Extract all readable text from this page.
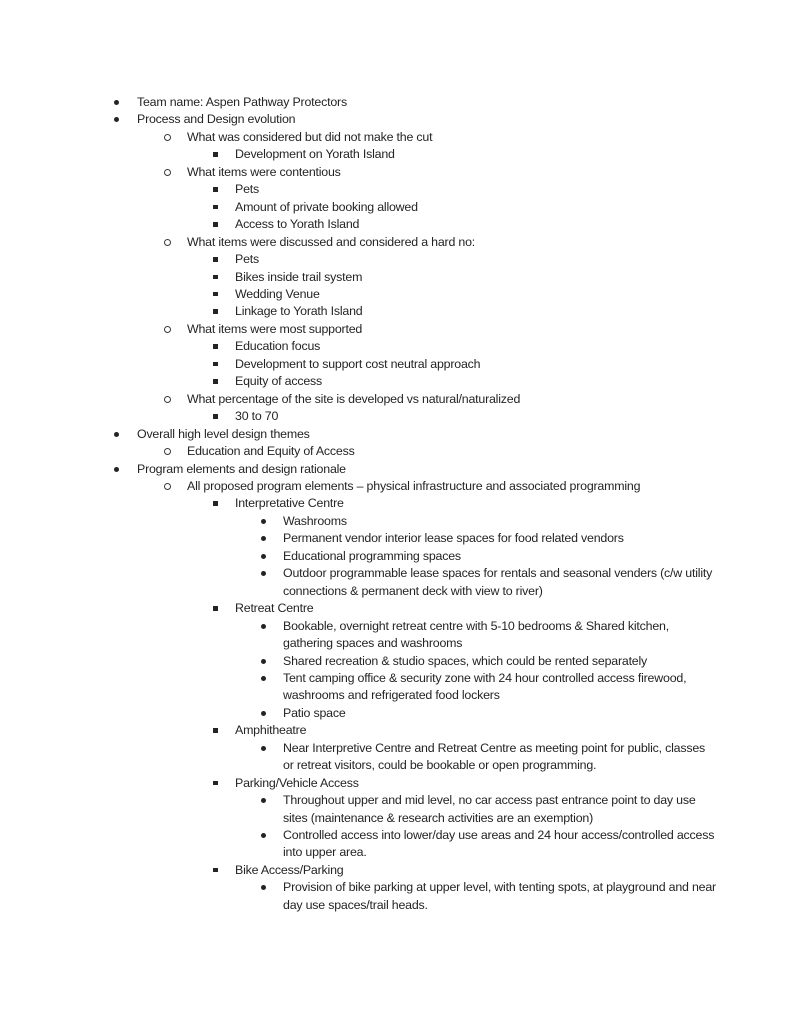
Team name: Aspen Pathway Protectors
Process and Design evolution
What was considered but did not make the cut
Development on Yorath Island
What items were contentious
Pets
Amount of private booking allowed
Access to Yorath Island
What items were discussed and considered a hard no:
Pets
Bikes inside trail system
Wedding Venue
Linkage to Yorath Island
What items were most supported
Education focus
Development to support cost neutral approach
Equity of access
What percentage of the site is developed vs natural/naturalized
30 to 70
Overall high level design themes
Education and Equity of Access
Program elements and design rationale
All proposed program elements – physical infrastructure and associated programming
Interpretative Centre
Washrooms
Permanent vendor interior lease spaces for food related vendors
Educational programming spaces
Outdoor programmable lease spaces for rentals and seasonal venders (c/w utility connections & permanent deck with view to river)
Retreat Centre
Bookable, overnight retreat centre with 5-10 bedrooms & Shared kitchen, gathering spaces and washrooms
Shared recreation & studio spaces, which could be rented separately
Tent camping office & security zone with 24 hour controlled access firewood, washrooms and refrigerated food lockers
Patio space
Amphitheatre
Near Interpretive Centre and Retreat Centre as meeting point for public, classes or retreat visitors, could be bookable or open programming.
Parking/Vehicle Access
Throughout upper and mid level, no car access past entrance point to day use sites (maintenance & research activities are an exemption)
Controlled access into lower/day use areas and 24 hour access/controlled access into upper area.
Bike Access/Parking
Provision of bike parking at upper level, with tenting spots, at playground and near day use spaces/trail heads.
